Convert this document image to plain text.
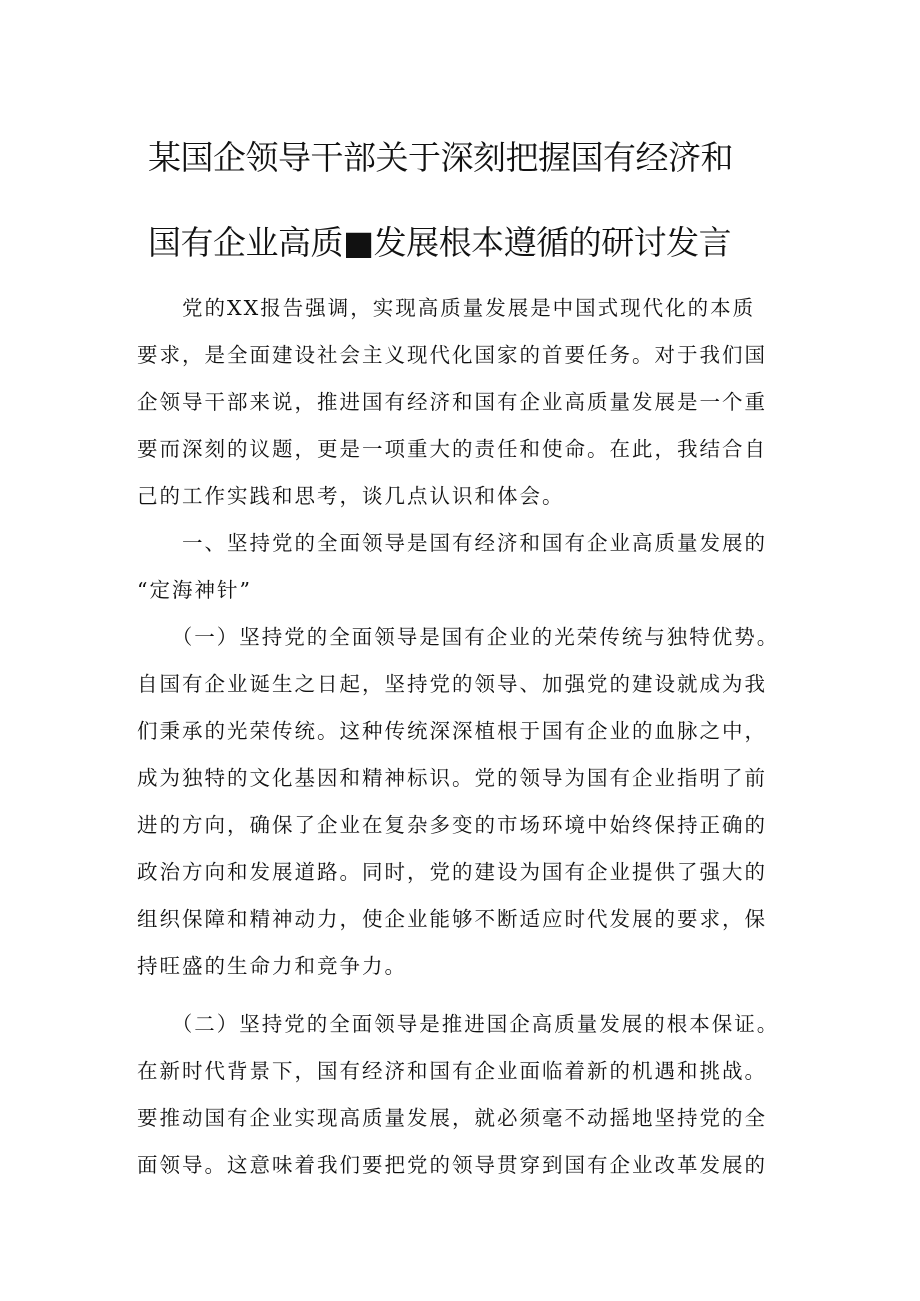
某国企领导干部关于深刻把握国有经济和
国有企业高质■发展根本遵循的研讨发言

　　党的XX报告强调，实现高质量发展是中国式现代化的本质
要求，是全面建设社会主义现代化国家的首要任务。对于我们国
企领导干部来说，推进国有经济和国有企业高质量发展是一个重
要而深刻的议题，更是一项重大的责任和使命。在此，我结合自
己的工作实践和思考，谈几点认识和体会。

　　一、坚持党的全面领导是国有经济和国有企业高质量发展的
“定海神针”

　　（一）坚持党的全面领导是国有企业的光荣传统与独特优势。
自国有企业诞生之日起，坚持党的领导、加强党的建设就成为我
们秉承的光荣传统。这种传统深深植根于国有企业的血脉之中，
成为独特的文化基因和精神标识。党的领导为国有企业指明了前
进的方向，确保了企业在复杂多变的市场环境中始终保持正确的
政治方向和发展道路。同时，党的建设为国有企业提供了强大的
组织保障和精神动力，使企业能够不断适应时代发展的要求，保
持旺盛的生命力和竞争力。

　　（二）坚持党的全面领导是推进国企高质量发展的根本保证。
在新时代背景下，国有经济和国有企业面临着新的机遇和挑战。
要推动国有企业实现高质量发展，就必须毫不动摇地坚持党的全
面领导。这意味着我们要把党的领导贯穿到国有企业改革发展的
